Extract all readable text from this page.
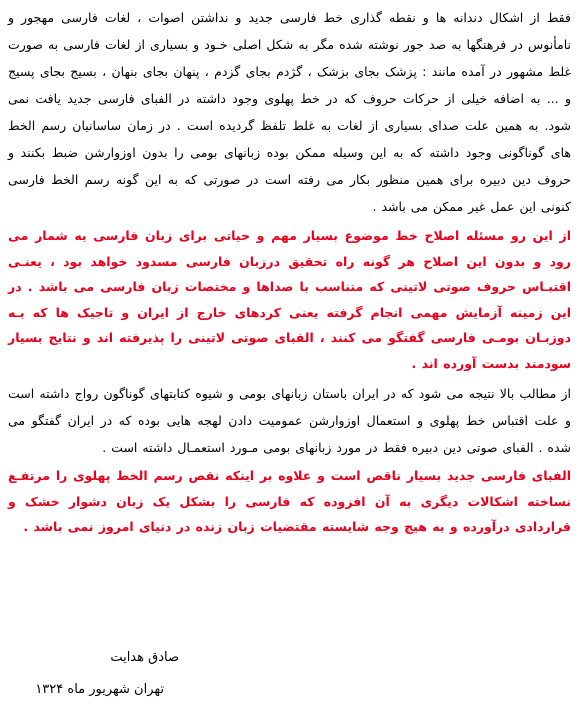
فقط از اشکال دندانه ها و نقطه گذاری خط فارسی جدید و نداشتن اصوات ، لغات فارسی مهجور و نامأنوس در فرهنگها به صد جور نوشته شده مگر به شکل اصلی خـود و بسیاری از لغات فارسی به صورت غلط مشهور در آمده مانند : پزشک بجای بزشک ، گژدم بجای گزدم ، پنهان بجای بنهان ، بسیج بجای پسیج و ... به اضافه خیلی از حرکات حروف که در خط پهلوی وجود داشته در الفبای فارسی جدید یافت نمی شود. به همین علت صدای بسیاری از لغات به غلط تلفظ گردیده است . در زمان ساسانیان رسم الخط های گوناگونی وجود داشته که به این وسیله ممکن بوده زبانهای بومی را بدون اوزوارشن ضبط بکنند و حروف دین دبیره برای همین منظور بکار می رفته است در صورتی که به این گونه رسم الخط فارسی کنونی این عمل غیر ممکن می باشد .

از این رو مسئله اصلاح خط موضوع بسیار مهم و حیاتی برای زبان فارسی به شمار می رود و بدون این اصلاح هر گونه راه تحقیق درزبان فارسی مسدود خواهد بود ، یعنـی اقتبـاس حروف صوتی لاتینی که متناسب با صداها و مختصات زبان فارسی می باشد . در این زمینه آزمایش مهمی انجام گرفته یعنی کردهای خارج از ایران و تاجیک ها که بـه دوزبـان بومـی فارسی گفتگو می کنند ، الفبای صوتی لاتینی را پذیرفته اند و نتایج بسیار سودمند بدست آورده اند .

از مطالب بالا نتیجه می شود که در ایران باستان زبانهای بومی و شیوه کتابتهای گوناگون رواج داشته است و علت اقتباس خط پهلوی و استعمال اوزوارشن عمومیت دادن لهجه هایی بوده که در ایران گفتگو می شده . الفبای صوتی دین دبیره فقط در مورد زبانهای بومی مـورد استعمـال داشته است .

الفبای فارسی جدید بسیار ناقص است و علاوه بر اینکه نقص رسم الخط پهلوی را مرتفـع نساخته اشکالات دیگری به آن افزوده که فارسی را بشکل یک زبان دشوار خشک و قراردادی درآورده و به هیچ وجه شایسته مقتضیات زبان زنده در دنیای امروز نمی باشد .

صادق هدایت
تهران شهریور ماه ۱۳۲۴
